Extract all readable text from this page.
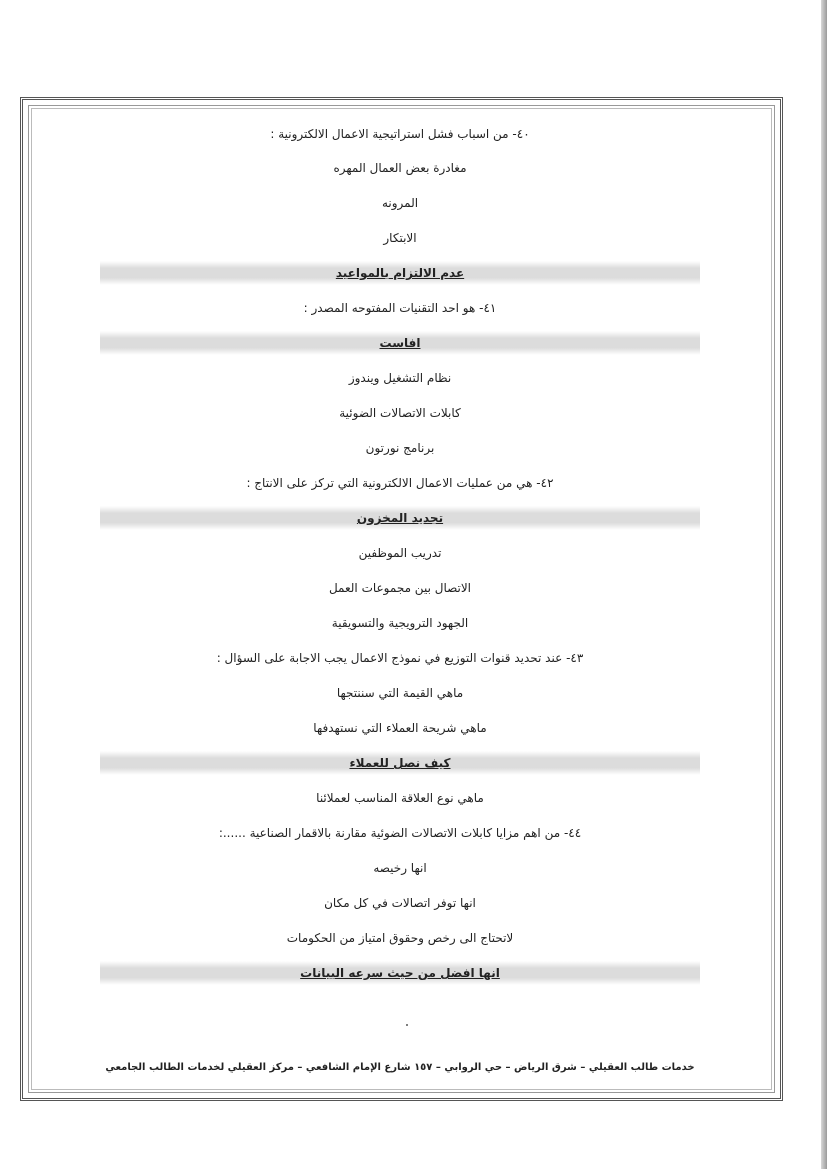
٤٠- من اسباب فشل استراتيجية الاعمال الالكترونية :
مغادرة بعض العمال المهره
المرونه
الابتكار
عدم الالتزام بالمواعيد
٤١- هو احد التقنيات المفتوحه المصدر :
افاست
نظام التشغيل ويندوز
كابلات الاتصالات الضوئية
برنامج نورتون
٤٢- هي من عمليات الاعمال الالكترونية التي تركز على الانتاج :
تجديد المخزون
تدريب الموظفين
الاتصال بين مجموعات العمل
الجهود الترويجية والتسويقية
٤٣- عند تحديد قنوات التوزيع في نموذج الاعمال يجب الاجابة على السؤال :
ماهي القيمة التي سننتجها
ماهي شريحة العملاء التي نستهدفها
كيف نصل للعملاء
ماهي نوع العلاقة المناسب لعملائنا
٤٤- من اهم مزايا كابلات الاتصالات الضوئية مقارنة بالاقمار الصناعية ......:
انها رخيصه
انها توفر اتصالات في كل مكان
لاتحتاج الى رخص وحقوق امتياز من الحكومات
انها افضل من حيث سرعه البيانات
خدمات طالب العقيلي – شرق الرياض – حي الروابي – ١٥٧ شارع الإمام الشافعي – مركز العقيلي لخدمات الطالب الجامعي
